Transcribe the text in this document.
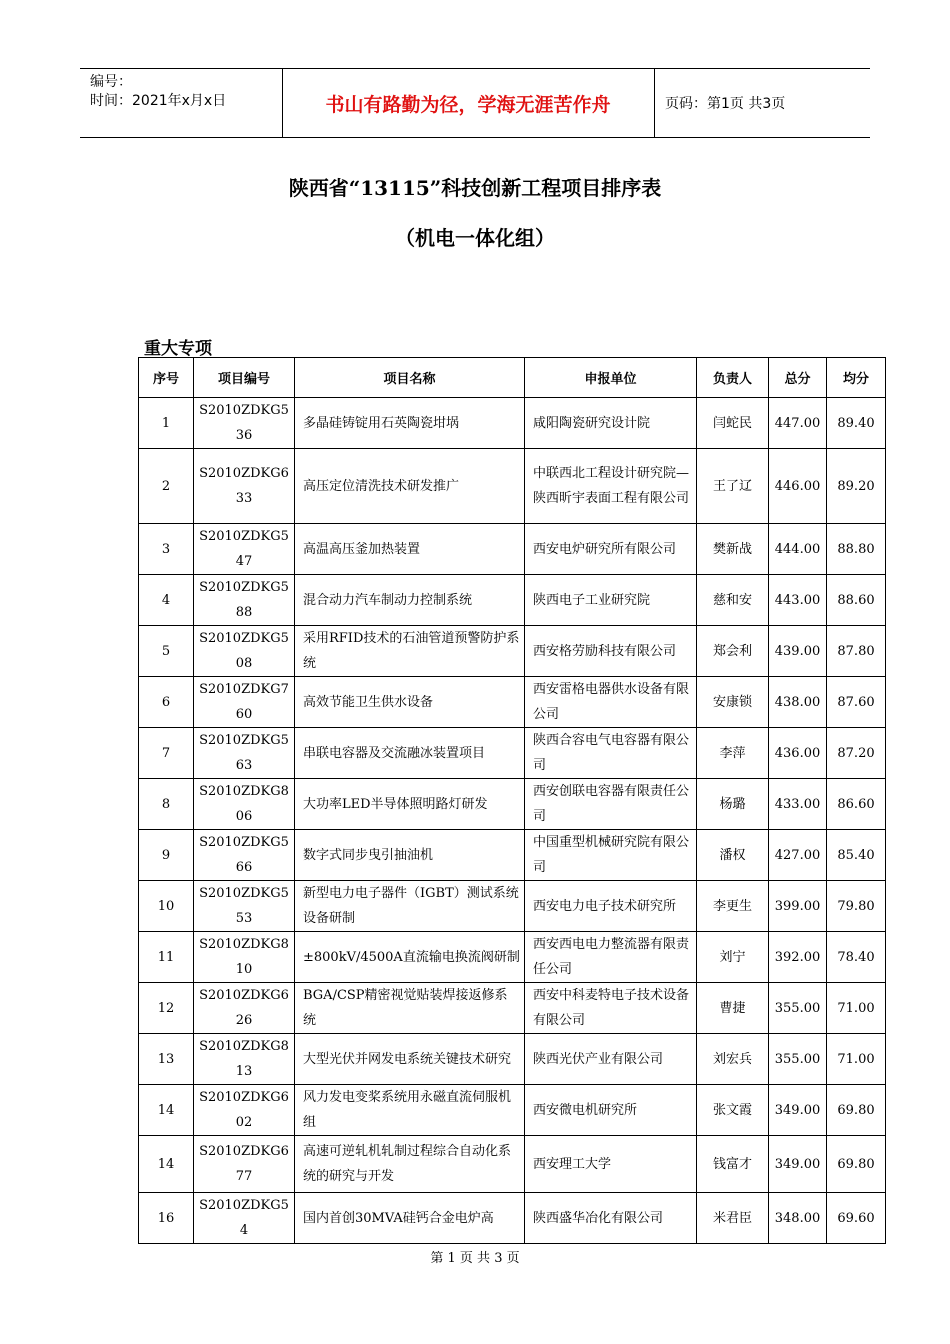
编号：
时间：2021年x月x日	书山有路勤为径，学海无涯苦作舟	页码：第1页 共3页
陕西省“13115”科技创新工程项目排序表
（机电一体化组）
重大专项
序号	项目编号	项目名称	申报单位	负责人	总分	均分
1	S2010ZDKG536	多晶硅铸锭用石英陶瓷坩埚	咸阳陶瓷研究设计院	闫蛇民	447.00	89.40
2	S2010ZDKG633	高压定位清洗技术研发推广	中联西北工程设计研究院—陕西昕宇表面工程有限公司	王了辽	446.00	89.20
3	S2010ZDKG547	高温高压釜加热装置	西安电炉研究所有限公司	樊新战	444.00	88.80
4	S2010ZDKG588	混合动力汽车制动力控制系统	陕西电子工业研究院	慈和安	443.00	88.60
5	S2010ZDKG508	采用RFID技术的石油管道预警防护系统	西安格劳励科技有限公司	郑会利	439.00	87.80
6	S2010ZDKG760	高效节能卫生供水设备	西安雷格电器供水设备有限公司	安康锁	438.00	87.60
7	S2010ZDKG563	串联电容器及交流融冰装置项目	陕西合容电气电容器有限公司	李萍	436.00	87.20
8	S2010ZDKG806	大功率LED半导体照明路灯研发	西安创联电容器有限责任公司	杨璐	433.00	86.60
9	S2010ZDKG566	数字式同步曳引抽油机	中国重型机械研究院有限公司	潘权	427.00	85.40
10	S2010ZDKG553	新型电力电子器件（IGBT）测试系统设备研制	西安电力电子技术研究所	李更生	399.00	79.80
11	S2010ZDKG810	±800kV/4500A直流输电换流阀研制	西安西电电力整流器有限责任公司	刘宁	392.00	78.40
12	S2010ZDKG626	BGA/CSP精密视觉贴装焊接返修系统	西安中科麦特电子技术设备有限公司	曹捷	355.00	71.00
13	S2010ZDKG813	大型光伏并网发电系统关键技术研究	陕西光伏产业有限公司	刘宏兵	355.00	71.00
14	S2010ZDKG602	风力发电变桨系统用永磁直流伺服机组	西安微电机研究所	张文霞	349.00	69.80
14	S2010ZDKG677	高速可逆轧机轧制过程综合自动化系统的研究与开发	西安理工大学	钱富才	349.00	69.80
16	S2010ZDKG54	国内首创30MVA硅钙合金电炉高	陕西盛华冶化有限公司	米君臣	348.00	69.60
第 1 页 共 3 页
